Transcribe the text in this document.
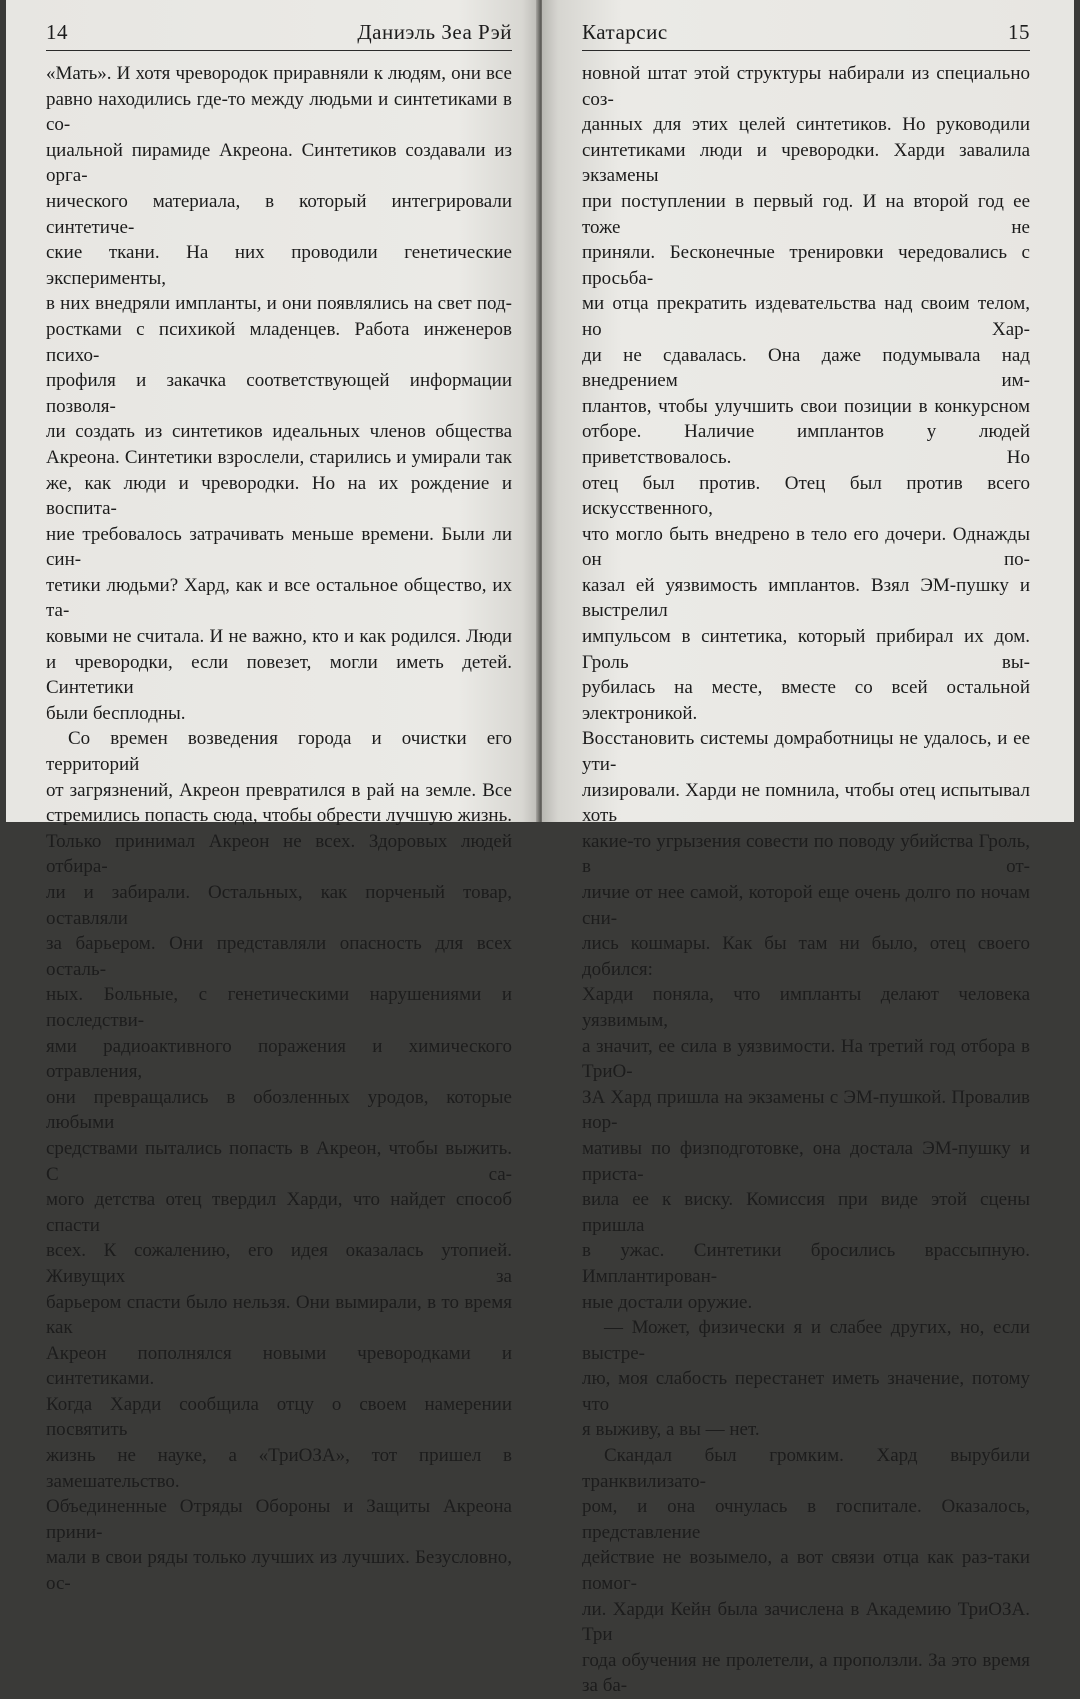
14	Даниэль Зеа Рэй

«Мать». И хотя чревородок приравняли к людям, они все

равно находились где-то между людьми и синтетиками в со-

циальной пирамиде Акреона. Синтетиков создавали из орга-

нического материала, в который интегрировали синтетиче-

ские ткани. На них проводили генетические эксперименты,

в них внедряли импланты, и они появлялись на свет под-

ростками с психикой младенцев. Работа инженеров психо-

профиля и закачка соответствующей информации позволя-

ли создать из синтетиков идеальных членов общества

Акреона. Синтетики взрослели, старились и умирали так

же, как люди и чревородки. Но на их рождение и воспита-

ние требовалось затрачивать меньше времени. Были ли син-

тетики людьми? Хард, как и все остальное общество, их та-

ковыми не считала. И не важно, кто и как родился. Люди

и чревородки, если повезет, могли иметь детей. Синтетики

были бесплодны.

Со времен возведения города и очистки его территорий

от загрязнений, Акреон превратился в рай на земле. Все

стремились попасть сюда, чтобы обрести лучшую жизнь.

Только принимал Акреон не всех. Здоровых людей отбира-

ли и забирали. Остальных, как порченый товар, оставляли

за барьером. Они представляли опасность для всех осталь-

ных. Больные, с генетическими нарушениями и последстви-

ями радиоактивного поражения и химического отравления,

они превращались в обозленных уродов, которые любыми

средствами пытались попасть в Акреон, чтобы выжить. С са-

мого детства отец твердил Харди, что найдет способ спасти

всех. К сожалению, его идея оказалась утопией. Живущих за

барьером спасти было нельзя. Они вымирали, в то время как

Акреон пополнялся новыми чревородками и синтетиками.

Когда Харди сообщила отцу о своем намерении посвятить

жизнь не науке, а «ТриОЗА», тот пришел в замешательство.

Объединенные Отряды Обороны и Защиты Акреона прини-

мали в свои ряды только лучших из лучших. Безусловно, ос-

Катарсис	15

новной штат этой структуры набирали из специально соз-

данных для этих целей синтетиков. Но руководили

синтетиками люди и чревородки. Харди завалила экзамены

при поступлении в первый год. И на второй год ее тоже не

приняли. Бесконечные тренировки чередовались с просьба-

ми отца прекратить издевательства над своим телом, но Хар-

ди не сдавалась. Она даже подумывала над внедрением им-

плантов, чтобы улучшить свои позиции в конкурсном

отборе. Наличие имплантов у людей приветствовалось. Но

отец был против. Отец был против всего искусственного,

что могло быть внедрено в тело его дочери. Однажды он по-

казал ей уязвимость имплантов. Взял ЭМ-пушку и выстрелил

импульсом в синтетика, который прибирал их дом. Гроль вы-

рубилась на месте, вместе со всей остальной электроникой.

Восстановить системы домработницы не удалось, и ее ути-

лизировали. Харди не помнила, чтобы отец испытывал хоть

какие-то угрызения совести по поводу убийства Гроль, в от-

личие от нее самой, которой еще очень долго по ночам сни-

лись кошмары. Как бы там ни было, отец своего добился:

Харди поняла, что импланты делают человека уязвимым,

а значит, ее сила в уязвимости. На третий год отбора в ТриО-

ЗА Хард пришла на экзамены с ЭМ-пушкой. Провалив нор-

мативы по физподготовке, она достала ЭМ-пушку и приста-

вила ее к виску. Комиссия при виде этой сцены пришла

в ужас. Синтетики бросились врассыпную. Имплантирован-

ные достали оружие.

— Может, физически я и слабее других, но, если выстре-

лю, моя слабость перестанет иметь значение, потому что

я выживу, а вы — нет.

Скандал был громким. Хард вырубили транквилизато-

ром, и она очнулась в госпитале. Оказалось, представление

действие не возымело, а вот связи отца как раз-таки помог-

ли. Харди Кейн была зачислена в Академию ТриОЗА. Три

года обучения не пролетели, а проползли. За это время за ба-
